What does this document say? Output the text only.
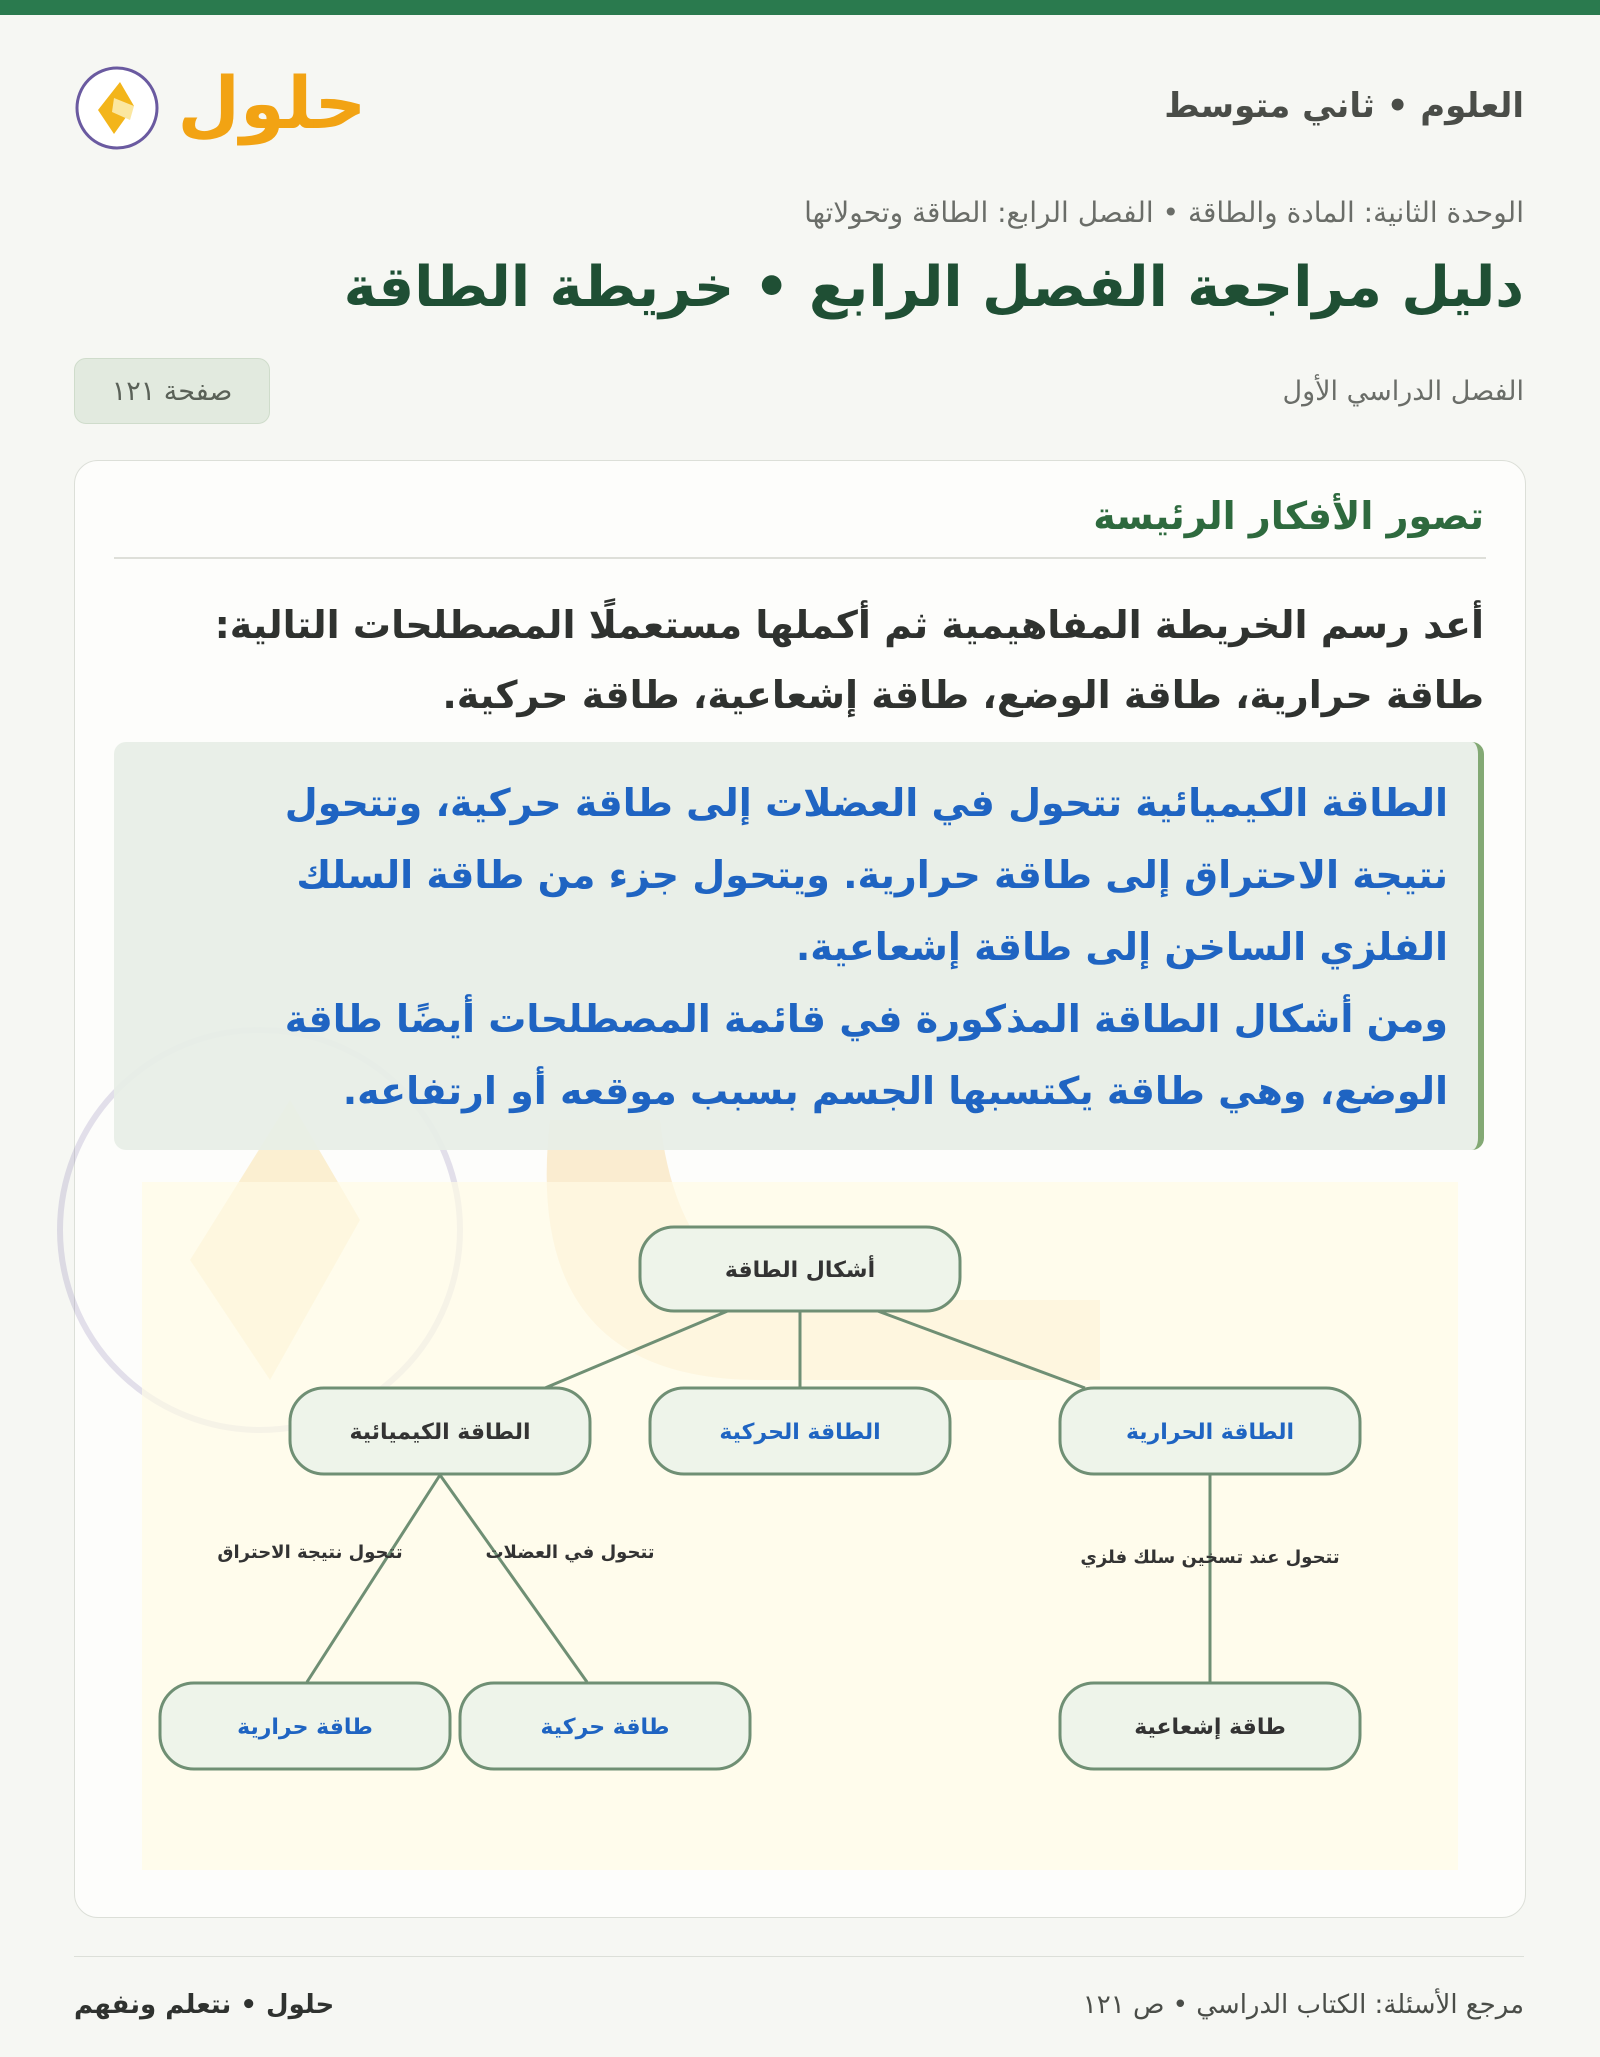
العلوم • ثاني متوسط
حلول
الوحدة الثانية: المادة والطاقة • الفصل الرابع: الطاقة وتحولاتها
دليل مراجعة الفصل الرابع • خريطة الطاقة
الفصل الدراسي الأول
صفحة ١٢١
تصور الأفكار الرئيسة
أعد رسم الخريطة المفاهيمية ثم أكملها مستعملًا المصطلحات التالية:
طاقة حرارية، طاقة الوضع، طاقة إشعاعية، طاقة حركية.
الطاقة الكيميائية تتحول في العضلات إلى طاقة حركية، وتتحول
نتيجة الاحتراق إلى طاقة حرارية. ويتحول جزء من طاقة السلك
الفلزي الساخن إلى طاقة إشعاعية.
ومن أشكال الطاقة المذكورة في قائمة المصطلحات أيضًا طاقة
الوضع، وهي طاقة يكتسبها الجسم بسبب موقعه أو ارتفاعه.
أشكال الطاقة
الطاقة الكيميائية	الطاقة الحركية	الطاقة الحرارية
طاقة حرارية	طاقة حركية	طاقة إشعاعية
تتحول نتيجة الاحتراق	تتحول في العضلات	تتحول عند تسخين سلك فلزي
مرجع الأسئلة: الكتاب الدراسي • ص ١٢١
حلول • نتعلم ونفهم
